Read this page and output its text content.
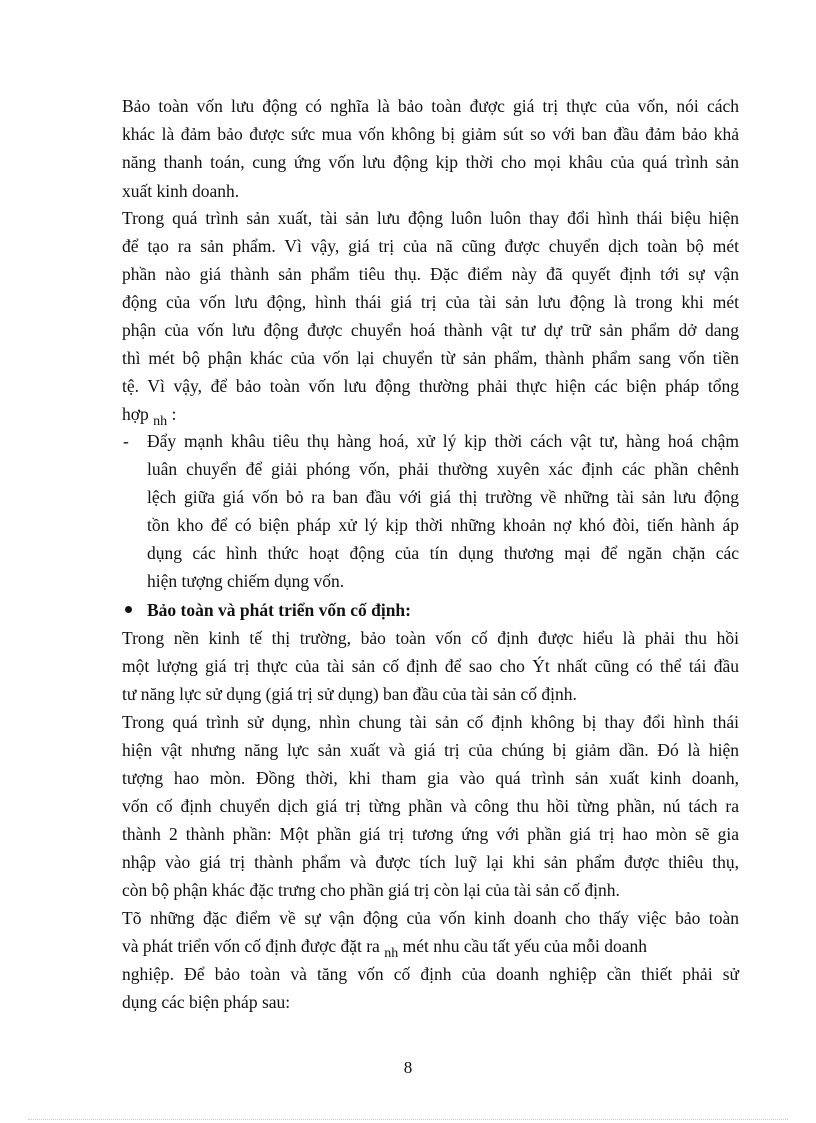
Bảo toàn vốn lưu động có nghĩa là bảo toàn được giá trị thực của vốn, nói cách
khác là đảm bảo được sức mua vốn không bị giảm sút so với ban đầu đảm bảo khả
năng thanh toán, cung ứng vốn lưu động kịp thời cho mọi khâu của quá trình sản
xuất kinh doanh.
Trong quá trình sản xuất, tài sản lưu động luôn luôn thay đổi hình thái biệu hiện
để tạo ra sản phẩm. Vì vậy, giá trị của nã cũng được chuyển dịch toàn bộ mét
phần nào giá thành sản phẩm tiêu thụ. Đặc điểm này đã quyết định tới sự vận
động của vốn lưu động, hình thái giá trị của tài sản lưu động là trong khi mét
phận của vốn lưu động được chuyển hoá thành vật tư dự trữ sản phẩm dở dang
thì mét bộ phận khác của vốn lại chuyển từ sản phẩm, thành phẩm sang vốn tiền
tệ. Vì vậy, để bảo toàn vốn lưu động thường phải thực hiện các biện pháp tổng
hợp $_{nh}$ :
- Đẩy mạnh khâu tiêu thụ hàng hoá, xử lý kịp thời cách vật tư, hàng hoá chậm
luân chuyển để giải phóng vốn, phải thường xuyên xác định các phần chênh
lệch giữa giá vốn bỏ ra ban đầu với giá thị trường về những tài sản lưu động
tồn kho để có biện pháp xử lý kịp thời những khoản nợ khó đòi, tiến hành áp
dụng các hình thức hoạt động của tín dụng thương mại để ngăn chặn các
hiện tượng chiếm dụng vốn.
Bảo toàn và phát triển vốn cố định:
Trong nền kinh tế thị trường, bảo toàn vốn cố định được hiểu là phải thu hồi
một lượng giá trị thực của tài sản cố định để sao cho Ýt nhất cũng có thể tái đầu
tư năng lực sử dụng (giá trị sử dụng) ban đầu của tài sản cố định.
Trong quá trình sử dụng, nhìn chung tài sản cố định không bị thay đổi hình thái
hiện vật nhưng năng lực sản xuất và giá trị của chúng bị giảm dần. Đó là hiện
tượng hao mòn. Đồng thời, khi tham gia vào quá trình sản xuất kinh doanh,
vốn cố định chuyển dịch giá trị từng phần và công thu hồi từng phần, nú tách ra
thành 2 thành phần: Một phần giá trị tương ứng với phần giá trị hao mòn sẽ gia
nhập vào giá trị thành phẩm và được tích luỹ lại khi sản phẩm được thiêu thụ,
còn bộ phận khác đặc trưng cho phần giá trị còn lại của tài sản cố định.
Tõ những đặc điểm về sự vận động của vốn kinh doanh cho thấy việc bảo toàn
và phát triển vốn cố định được đặt ra $_{nh}$ mét nhu cầu tất yếu của mỗi doanh
nghiệp. Để bảo toàn và tăng vốn cố định của doanh nghiệp cần thiết phải sử
dụng các biện pháp sau:
8
